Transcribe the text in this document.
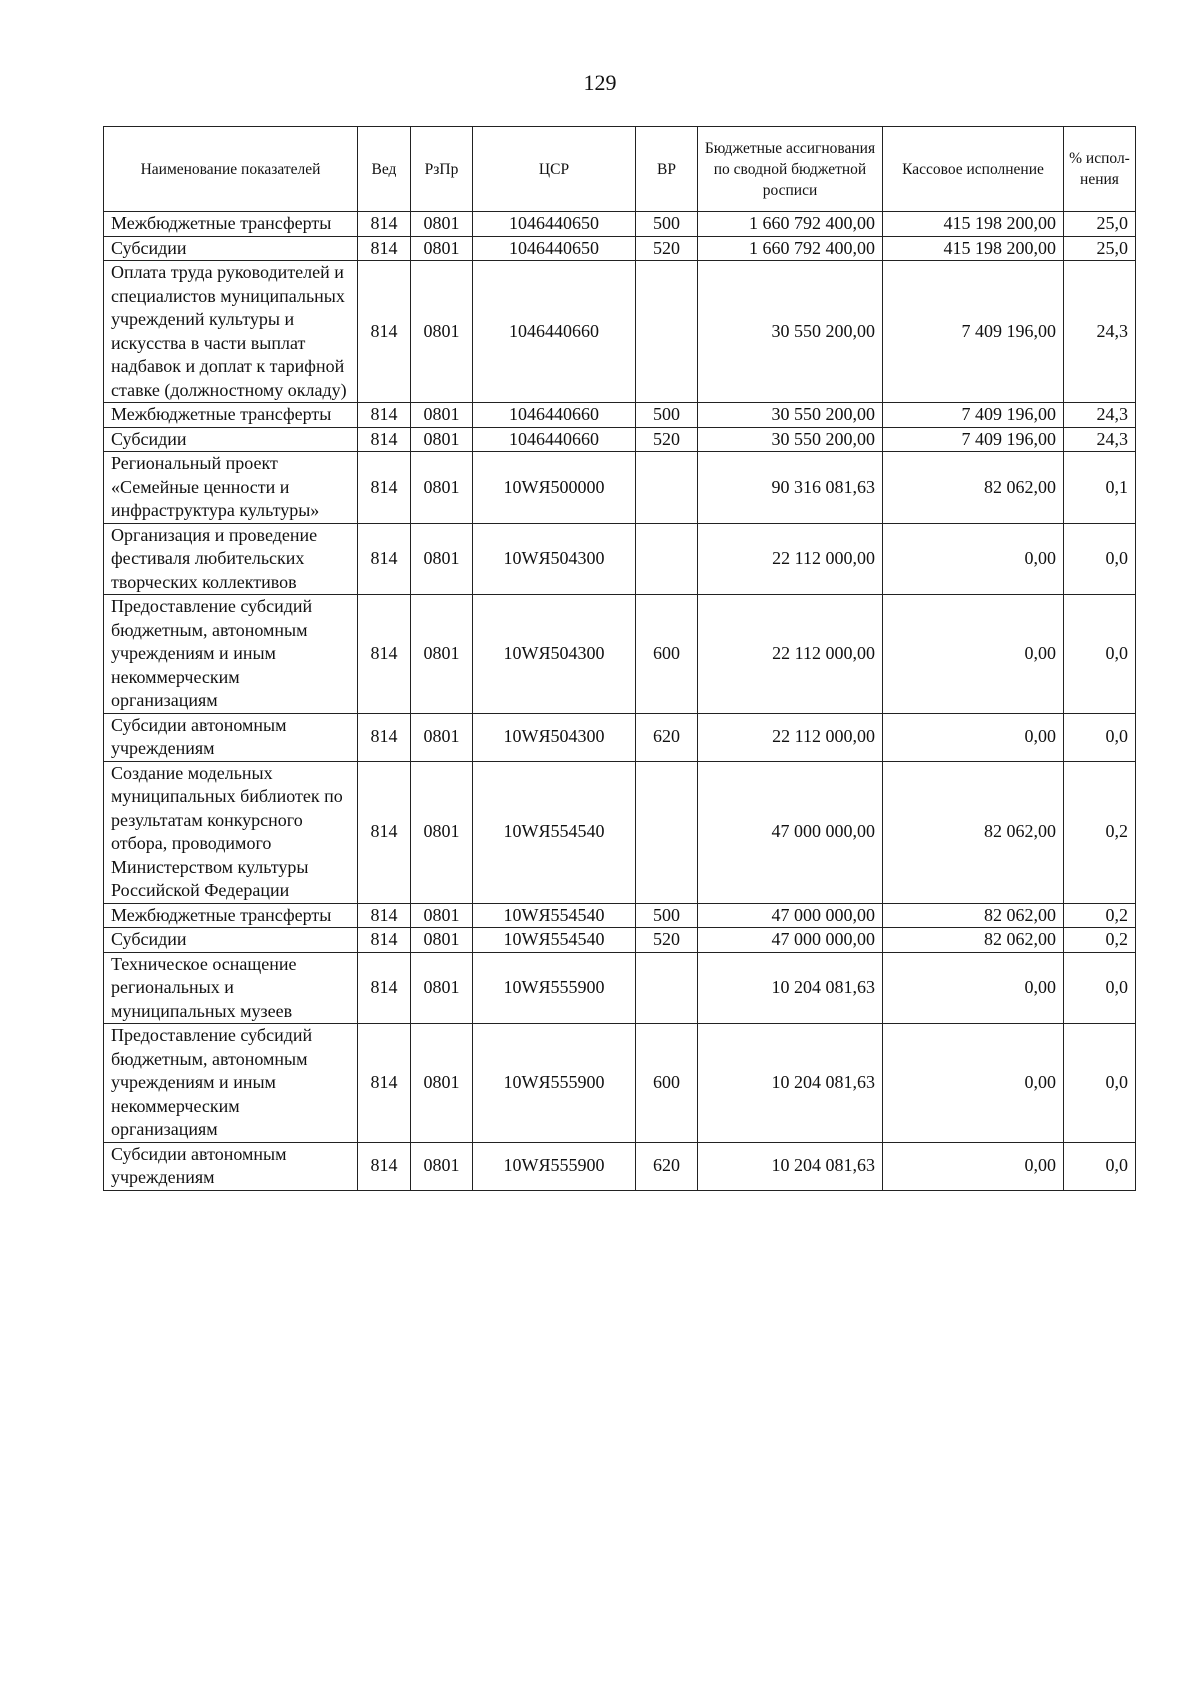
129
Наименование показателей	Вед	РзПр	ЦСР	ВР	Бюджетные ассигнования по сводной бюджетной росписи	Кассовое исполнение	% испол-нения
Межбюджетные трансферты	814	0801	1046440650	500	1 660 792 400,00	415 198 200,00	25,0
Субсидии	814	0801	1046440650	520	1 660 792 400,00	415 198 200,00	25,0
Оплата труда руководителей и специалистов муниципальных учреждений культуры и искусства в части выплат надбавок и доплат к тарифной ставке (должностному окладу)	814	0801	1046440660		30 550 200,00	7 409 196,00	24,3
Межбюджетные трансферты	814	0801	1046440660	500	30 550 200,00	7 409 196,00	24,3
Субсидии	814	0801	1046440660	520	30 550 200,00	7 409 196,00	24,3
Региональный проект «Семейные ценности и инфраструктура культуры»	814	0801	10WЯ500000		90 316 081,63	82 062,00	0,1
Организация и проведение фестиваля любительских творческих коллективов	814	0801	10WЯ504300		22 112 000,00	0,00	0,0
Предоставление субсидий бюджетным, автономным учреждениям и иным некоммерческим организациям	814	0801	10WЯ504300	600	22 112 000,00	0,00	0,0
Субсидии автономным учреждениям	814	0801	10WЯ504300	620	22 112 000,00	0,00	0,0
Создание модельных муниципальных библиотек по результатам конкурсного отбора, проводимого Министерством культуры Российской Федерации	814	0801	10WЯ554540		47 000 000,00	82 062,00	0,2
Межбюджетные трансферты	814	0801	10WЯ554540	500	47 000 000,00	82 062,00	0,2
Субсидии	814	0801	10WЯ554540	520	47 000 000,00	82 062,00	0,2
Техническое оснащение региональных и муниципальных музеев	814	0801	10WЯ555900		10 204 081,63	0,00	0,0
Предоставление субсидий бюджетным, автономным учреждениям и иным некоммерческим организациям	814	0801	10WЯ555900	600	10 204 081,63	0,00	0,0
Субсидии автономным учреждениям	814	0801	10WЯ555900	620	10 204 081,63	0,00	0,0
